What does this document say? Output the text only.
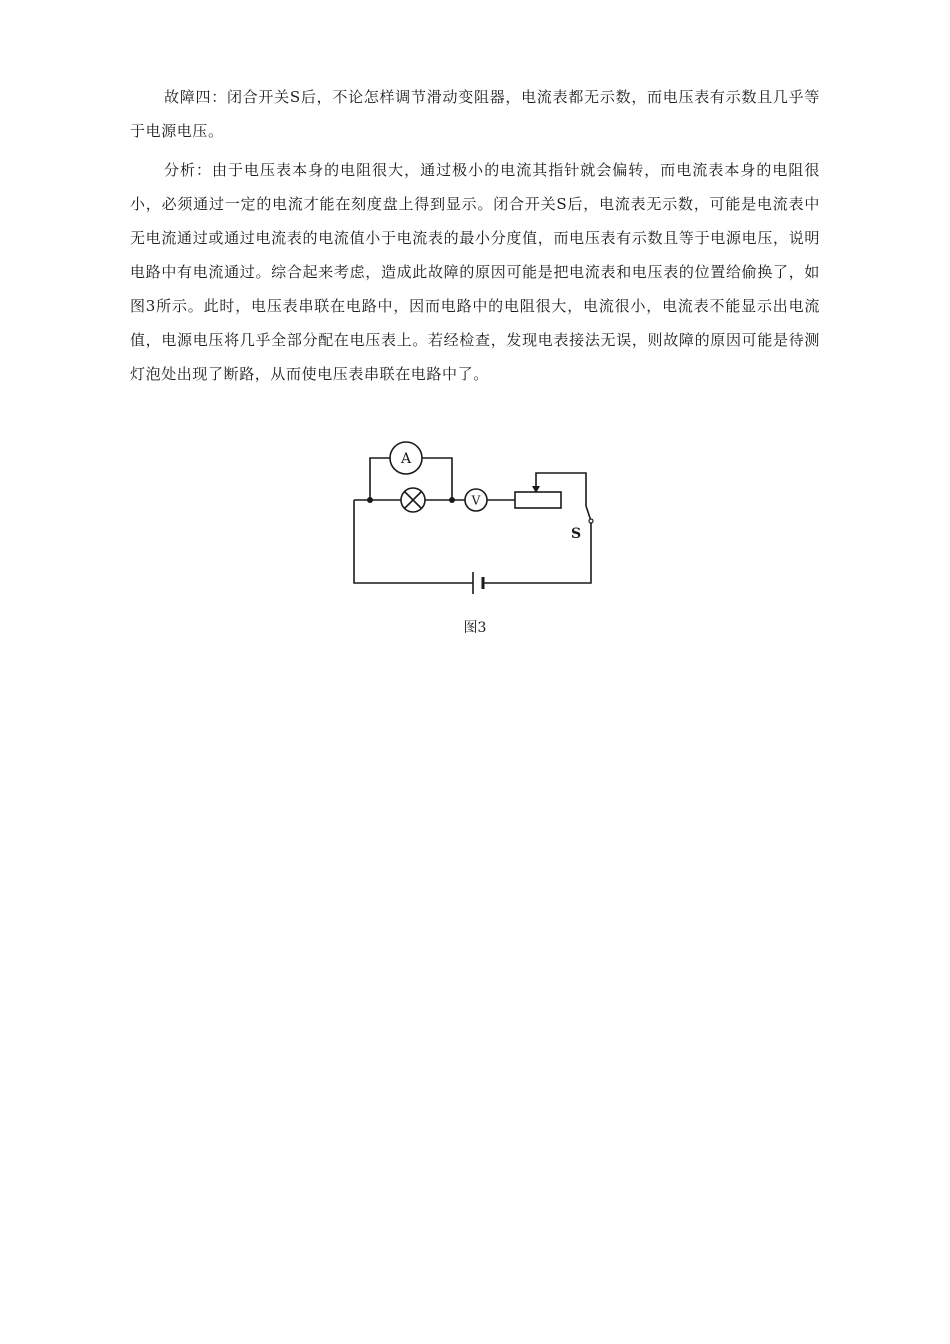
故障四：闭合开关S后，不论怎样调节滑动变阻器，电流表都无示数，而电压表有示数且几乎等于电源电压。

分析：由于电压表本身的电阻很大，通过极小的电流其指针就会偏转，而电流表本身的电阻很小，必须通过一定的电流才能在刻度盘上得到显示。闭合开关S后，电流表无示数，可能是电流表中无电流通过或通过电流表的电流值小于电流表的最小分度值，而电压表有示数且等于电源电压，说明电路中有电流通过。综合起来考虑，造成此故障的原因可能是把电流表和电压表的位置给偷换了，如图3所示。此时，电压表串联在电路中，因而电路中的电阻很大，电流很小，电流表不能显示出电流值，电源电压将几乎全部分配在电压表上。若经检查，发现电表接法无误，则故障的原因可能是待测灯泡处出现了断路，从而使电压表串联在电路中了。

A
V
S
图3
